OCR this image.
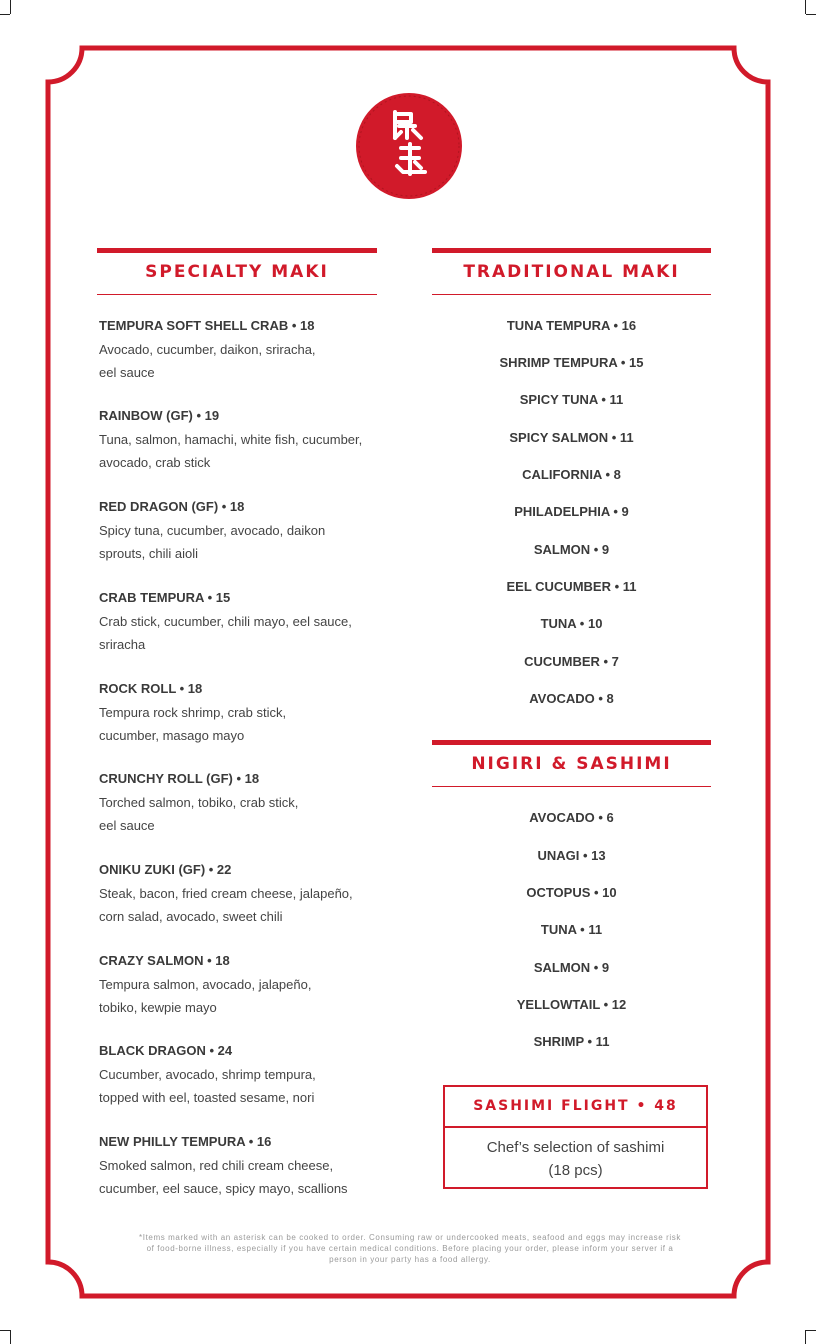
SPECIALTY MAKI	TRADITIONAL MAKI
NIGIRI & SASHIMI
TEMPURA SOFT SHELL CRAB • 18
Avocado, cucumber, daikon, sriracha,
eel sauce
RAINBOW (GF) • 19
Tuna, salmon, hamachi, white fish, cucumber,
avocado, crab stick
RED DRAGON (GF) • 18
Spicy tuna, cucumber, avocado, daikon
sprouts, chili aioli
CRAB TEMPURA • 15
Crab stick, cucumber, chili mayo, eel sauce,
sriracha
ROCK ROLL • 18
Tempura rock shrimp, crab stick,
cucumber, masago mayo
CRUNCHY ROLL (GF) • 18
Torched salmon, tobiko, crab stick,
eel sauce
ONIKU ZUKI (GF) • 22
Steak, bacon, fried cream cheese, jalapeño,
corn salad, avocado, sweet chili
CRAZY SALMON • 18
Tempura salmon, avocado, jalapeño,
tobiko, kewpie mayo
BLACK DRAGON • 24
Cucumber, avocado, shrimp tempura,
topped with eel, toasted sesame, nori
NEW PHILLY TEMPURA • 16
Smoked salmon, red chili cream cheese,
cucumber, eel sauce, spicy mayo, scallions
TUNA TEMPURA • 16
SHRIMP TEMPURA • 15
SPICY TUNA • 11
SPICY SALMON • 11
CALIFORNIA • 8
PHILADELPHIA • 9
SALMON • 9
EEL CUCUMBER • 11
TUNA • 10
CUCUMBER • 7
AVOCADO • 8
AVOCADO • 6
UNAGI • 13
OCTOPUS • 10
TUNA • 11
SALMON • 9
YELLOWTAIL • 12
SHRIMP • 11
SASHIMI FLIGHT • 48
Chef’s selection of sashimi
(18 pcs)
*Items marked with an asterisk can be cooked to order. Consuming raw or undercooked meats, seafood and eggs may increase risk
of food-borne illness, especially if you have certain medical conditions. Before placing your order, please inform your server if a
person in your party has a food allergy.
